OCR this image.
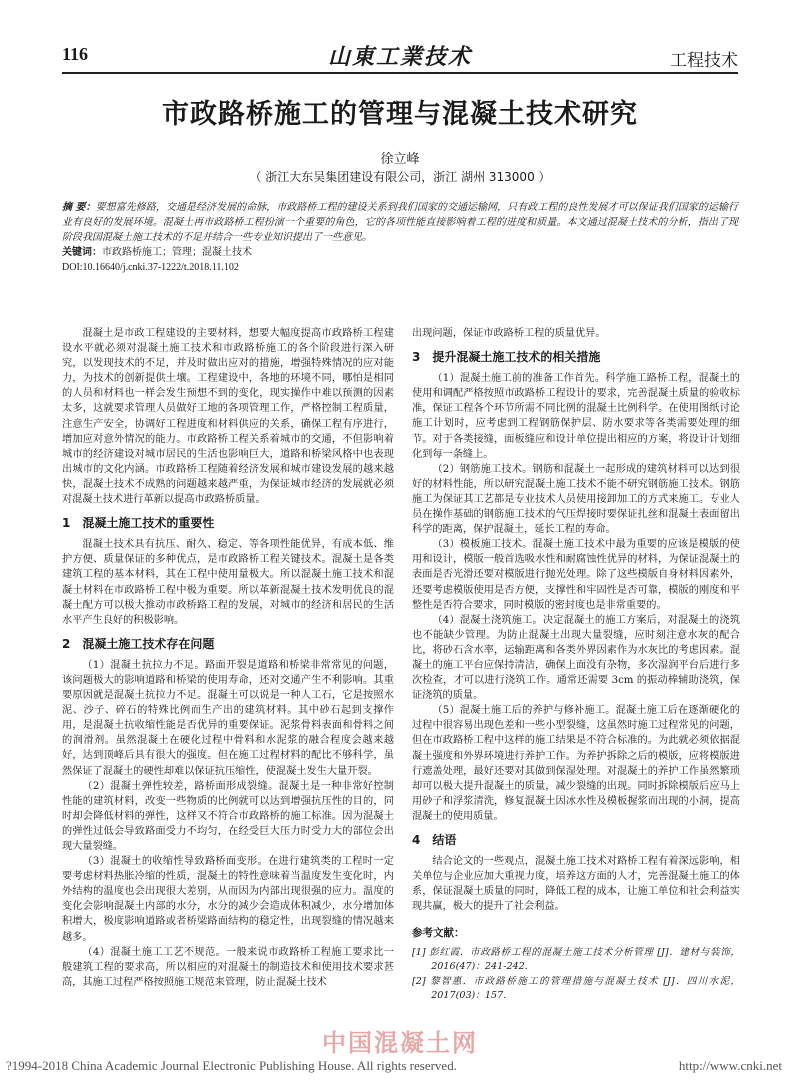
116	山東工業技术	工程技术
市政路桥施工的管理与混凝土技术研究
徐立峰
（ 浙江大东吴集团建设有限公司，浙江 湖州 313000 ）
摘 要：要想富先修路，交通是经济发展的命脉，市政路桥工程的建设关系到我们国家的交通运输网，只有政工程的良性发展才可以保证我们国家的运输行业有良好的发展环境。混凝土再市政路桥工程扮演一个重要的角色，它的各项性能直接影响着工程的进度和质量。本文通过混凝土技术的分析，指出了现阶段我国混凝土施工技术的不足并结合一些专业知识提出了一些意见。
关键词：市政路桥施工；管理；混凝土技术
DOI:10.16640/j.cnki.37-1222/t.2018.11.102

混凝土是市政工程建设的主要材料，想要大幅度提高市政路桥工程建设水平就必须对混凝土施工技术和市政路桥施工的各个阶段进行深入研究，以发现技术的不足，并及时做出应对的措施，增强特殊情况的应对能力，为技术的创新提供土壤。工程建设中，各地的环境不同，哪怕是相同的人员和材料也一样会发生预想不到的变化，现实操作中难以预测的因素太多，这就要求管理人员做好工地的各项管理工作，严格控制工程质量，注意生产安全，协调好工程进度和材料供应的关系，确保工程有序进行，增加应对意外情况的能力。市政路桥工程关系着城市的交通，不但影响着城市的经济建设对城市居民的生活也影响巨大，道路和桥梁风格中也表现出城市的文化内涵。市政路桥工程随着经济发展和城市建设发展的越来越快，混凝土技术不成熟的问题越来越严重，为保证城市经济的发展就必须对混凝土技术进行革新以提高市政路桥质量。

1 混凝土施工技术的重要性

混凝土技术具有抗压、耐久、稳定、等各项性能优异，有成本低、维护方便、质量保证的多种优点，是市政路桥工程关键技术。混凝土是各类建筑工程的基本材料，其在工程中使用量极大。所以混凝土施工技术和混凝土材料在市政路桥工程中极为重要。所以革新混凝土技术发明优良的混凝土配方可以极大推动市政桥路工程的发展，对城市的经济和居民的生活水平产生良好的积极影响。

2 混凝土施工技术存在问题

（1）混凝土抗拉力不足。路面开裂是道路和桥梁非常常见的问题，该问题极大的影响道路和桥梁的使用寿命，还对交通产生不利影响。其重要原因就是混凝土抗拉力不足。混凝土可以说是一种人工石，它是按照水泥、沙子、碎石的特殊比例而生产出的建筑材料。其中砂石起到支撑作用，是混凝土抗收缩性能是否优异的重要保证。泥浆骨料表面和骨料之间的润滑剂。虽然混凝土在硬化过程中骨料和水泥浆的融合程度会越来越好，达到顶峰后具有很大的强度。但在施工过程材料的配比不够科学，虽然保证了混凝土的硬性却难以保证抗压缩性，使混凝土发生大量开裂。

（2）混凝土弹性较差，路桥面形成裂缝。混凝土是一种非常好控制性能的建筑材料，改变一些物质的比例就可以达到增强抗压性的目的，同时却会降低材料的弹性，这样又不符合市政路桥的施工标准。因为混凝土的弹性过低会导致路面受力不均匀，在经受巨大压力时受力大的部位会出现大量裂缝。

（3）混凝土的收缩性导致路桥面变形。在进行建筑类的工程时一定要考虑材料热胀冷缩的性质，混凝土的特性意味着当温度发生变化时，内外结构的温度也会出现很大差别，从而因为内部出现很强的应力。温度的变化会影响混凝土内部的水分，水分的减少会造成体积减少，水分增加体积增大，极度影响道路或者桥梁路面结构的稳定性，出现裂缝的情况越来越多。

（4）混凝土施工工艺不规范。一般来说市政路桥工程施工要求比一般建筑工程的要求高，所以相应的对混凝土的制造技术和使用技术要求甚高，其施工过程严格按照施工规范来管理，防止混凝土技术

出现问题，保证市政路桥工程的质量优异。

3 提升混凝土施工技术的相关措施

（1）混凝土施工前的准备工作首先。科学施工路桥工程，混凝土的使用和调配严格按照市政路桥工程设计的要求，完善混凝土质量的验收标准，保证工程各个环节所需不同比例的混凝土比例科学。在使用图纸讨论施工计划时，应考虑到工程钢筋保护层、防水要求等各类需要处理的细节。对于各类接缝，面板缝应和设计单位提出相应的方案，将设计计划细化到每一条缝上。

（2）钢筋施工技术。钢筋和混凝土一起形成的建筑材料可以达到很好的材料性能，所以研究混凝土施工技术不能不研究钢筋施工技术。钢筋施工为保证其工艺都是专业技术人员使用接卸加工的方式来施工。专业人员在操作基础的钢筋施工技术的气压焊接时要保证扎丝和混凝土表面留出科学的距离，保护混凝土，延长工程的寿命。

（3）模板施工技术。混凝土施工技术中最为重要的应该是模版的使用和设计，模版一般首选吸水性和耐腐蚀性优异的材料，为保证混凝土的表面是否光滑还要对模版进行抛光处理。除了这些模版自身材料因素外，还要考虑模版使用是否方便，支撑性和牢固性是否可靠，模版的刚度和平整性是否符合要求，同时模版的密封度也是非常重要的。

（4）混凝土浇筑施工。决定混凝土的施工方案后，对混凝土的浇筑也不能缺少管理。为防止混凝土出现大量裂缝，应时刻注意水灰的配合比，将砂石含水率，运输距离和各类外界因素作为水灰比的考虑因素。混凝土的施工平台应保持清洁，确保上面没有杂物，多次湿润平台后进行多次检查，才可以进行浇筑工作。通常还需要 3cm 的振动棒辅助浇筑，保证浇筑的质量。

（5）混凝土施工后的养护与修补施工。混凝土施工后在逐渐硬化的过程中很容易出现色差和一些小型裂缝，这虽然时施工过程常见的问题，但在市政路桥工程中这样的施工结果是不符合标准的。为此就必须依据混凝土强度和外界环境进行养护工作。为养护拆除之后的模版，应将模版进行遮盖处理，最好还要对其做到保湿处理。对混凝土的养护工作虽然繁琐却可以极大提升混凝土的质量，减少裂缝的出现。同时拆除模版后应马上用砂子和浮浆清洗，修复混凝土因冰水性及模板握浆而出现的小洞，提高混凝土的使用质量。

4 结语

结合论文的一些观点，混凝土施工技术对路桥工程有着深远影响，相关单位与企业应加大重视力度，培养这方面的人才，完善混凝土施工的体系，保证混凝土质量的同时，降低工程的成本，让施工单位和社会利益实现共赢，极大的提升了社会利益。

参考文献：
[1] 彭红霞．市政路桥工程的混凝土施工技术分析管理 [J]．建材与装饰，2016(47)：241-242.
[2] 黎智惠．市政路桥施工的管理措施与混凝土技术 [J]．四川水泥，2017(03)：157.
中国混凝土网
?1994-2018 China Academic Journal Electronic Publishing House. All rights reserved.	http://www.cnki.net
